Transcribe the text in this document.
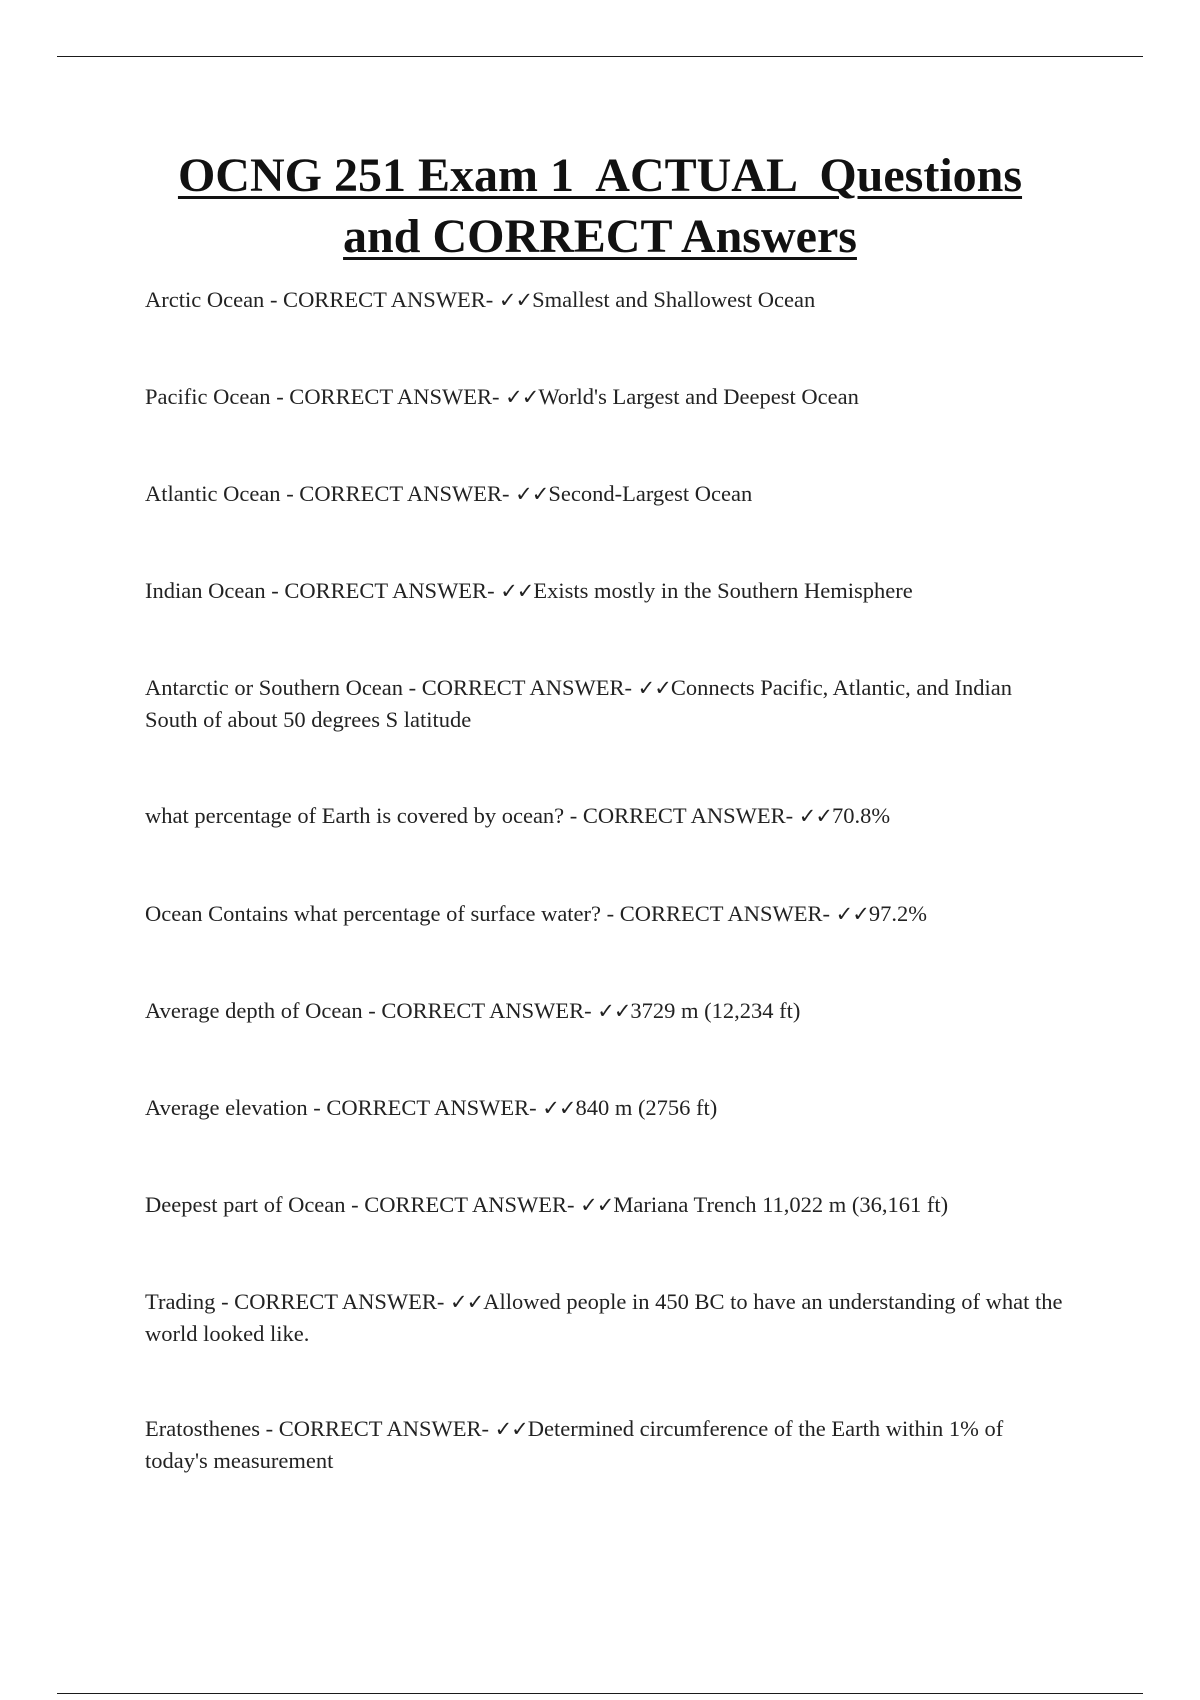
OCNG 251 Exam 1  ACTUAL  Questions
and CORRECT Answers

Arctic Ocean - CORRECT ANSWER- ✓✓Smallest and Shallowest Ocean

Pacific Ocean - CORRECT ANSWER- ✓✓World's Largest and Deepest Ocean

Atlantic Ocean - CORRECT ANSWER- ✓✓Second-Largest Ocean

Indian Ocean - CORRECT ANSWER- ✓✓Exists mostly in the Southern Hemisphere

Antarctic or Southern Ocean - CORRECT ANSWER- ✓✓Connects Pacific, Atlantic, and Indian South of about 50 degrees S latitude

what percentage of Earth is covered by ocean? - CORRECT ANSWER- ✓✓70.8%

Ocean Contains what percentage of surface water? - CORRECT ANSWER- ✓✓97.2%

Average depth of Ocean - CORRECT ANSWER- ✓✓3729 m (12,234 ft)

Average elevation - CORRECT ANSWER- ✓✓840 m (2756 ft)

Deepest part of Ocean - CORRECT ANSWER- ✓✓Mariana Trench 11,022 m (36,161 ft)

Trading - CORRECT ANSWER- ✓✓Allowed people in 450 BC to have an understanding of what the world looked like.

Eratosthenes - CORRECT ANSWER- ✓✓Determined circumference of the Earth within 1% of today's measurement
